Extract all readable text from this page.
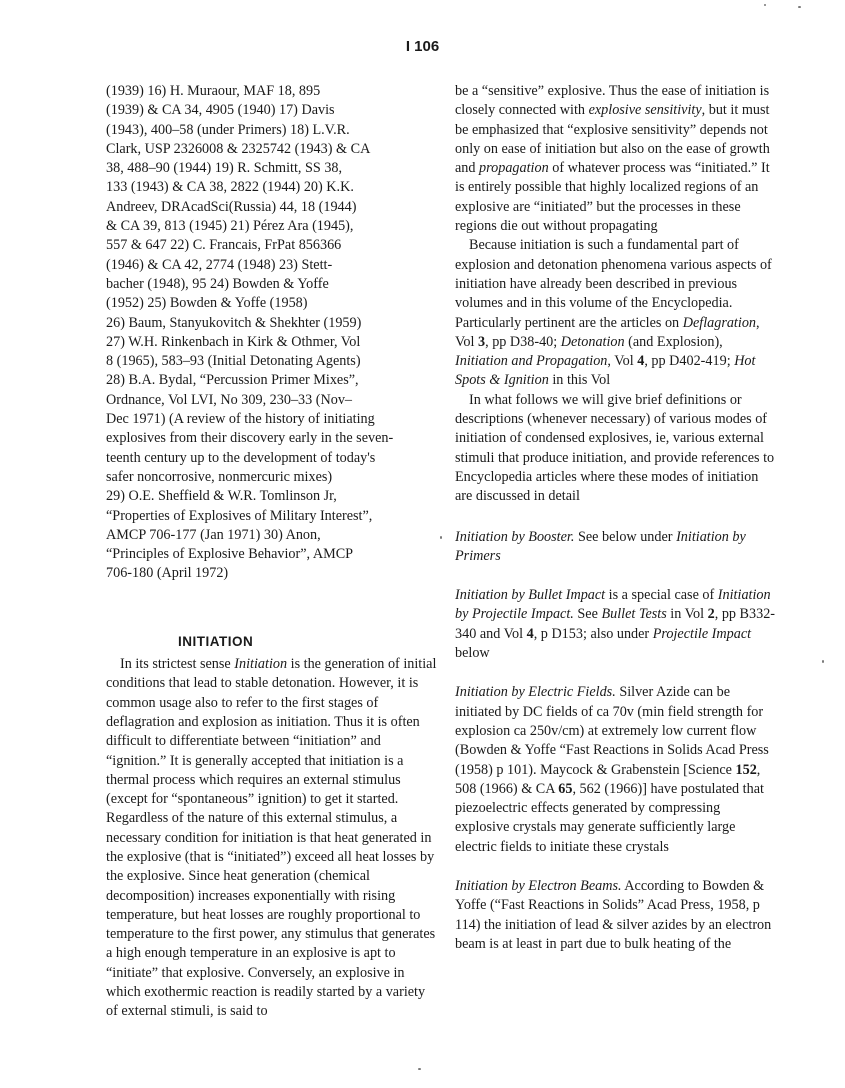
I 106

(1939) 16) H. Muraour, MAF 18, 895

(1939) & CA 34, 4905 (1940) 17) Davis

(1943), 400–58 (under Primers) 18) L.V.R.

Clark, USP 2326008 & 2325742 (1943) & CA

38, 488–90 (1944) 19) R. Schmitt, SS 38,

133 (1943) & CA 38, 2822 (1944) 20) K.K.

Andreev, DRAcadSci(Russia) 44, 18 (1944)

& CA 39, 813 (1945) 21) Pérez Ara (1945),

557 & 647 22) C. Francais, FrPat 856366

(1946) & CA 42, 2774 (1948) 23) Stett-

bacher (1948), 95 24) Bowden & Yoffe

(1952) 25) Bowden & Yoffe (1958)

26) Baum, Stanyukovitch & Shekhter (1959)

27) W.H. Rinkenbach in Kirk & Othmer, Vol

8 (1965), 583–93 (Initial Detonating Agents)

28) B.A. Bydal, “Percussion Primer Mixes”,

Ordnance, Vol LVI, No 309, 230–33 (Nov–

Dec 1971) (A review of the history of initiating

explosives from their discovery early in the seven-

teenth century up to the development of today's

safer noncorrosive, nonmercuric mixes)

29) O.E. Sheffield & W.R. Tomlinson Jr,

“Properties of Explosives of Military Interest”,

AMCP 706-177 (Jan 1971) 30) Anon,

“Principles of Explosive Behavior”, AMCP

706-180 (April 1972)

INITIATION

In its strictest sense Initiation is the generation of initial conditions that lead to stable detonation. However, it is common usage also to refer to the first stages of deflagration and explosion as initiation. Thus it is often difficult to differentiate between “initiation” and “ignition.” It is generally accepted that initiation is a thermal process which requires an external stimulus (except for “spontaneous” ignition) to get it started. Regardless of the nature of this external stimulus, a necessary condition for initiation is that heat generated in the explosive (that is “initiated”) exceed all heat losses by the explosive. Since heat generation (chemical decomposition) increases exponentially with rising temperature, but heat losses are roughly proportional to temperature to the first power, any stimulus that generates a high enough temperature in an explosive is apt to “initiate” that explosive. Conversely, an explosive in which exothermic reaction is readily started by a variety of external stimuli, is said to

be a “sensitive” explosive. Thus the ease of initiation is closely connected with explosive sensitivity, but it must be emphasized that “explosive sensitivity” depends not only on ease of initiation but also on the ease of growth and propagation of whatever process was “initiated.” It is entirely possible that highly localized regions of an explosive are “initiated” but the processes in these regions die out without propagating

Because initiation is such a fundamental part of explosion and detonation phenomena various aspects of initiation have already been described in previous volumes and in this volume of the Encyclopedia. Particularly pertinent are the articles on Deflagration, Vol 3, pp D38-40; Detonation (and Explosion), Initiation and Propagation, Vol 4, pp D402-419; Hot Spots & Ignition in this Vol

In what follows we will give brief definitions or descriptions (whenever necessary) of various modes of initiation of condensed explosives, ie, various external stimuli that produce initiation, and provide references to Encyclopedia articles where these modes of initiation are discussed in detail

Initiation by Booster. See below under Initiation by Primers

Initiation by Bullet Impact is a special case of Initiation by Projectile Impact. See Bullet Tests in Vol 2, pp B332-340 and Vol 4, p D153; also under Projectile Impact below

Initiation by Electric Fields. Silver Azide can be initiated by DC fields of ca 70v (min field strength for explosion ca 250v/cm) at extremely low current flow (Bowden & Yoffe “Fast Reactions in Solids Acad Press (1958) p 101). Maycock & Grabenstein [Science 152, 508 (1966) & CA 65, 562 (1966)] have postulated that piezoelectric effects generated by compressing explosive crystals may generate sufficiently large electric fields to initiate these crystals

Initiation by Electron Beams. According to Bowden & Yoffe (“Fast Reactions in Solids” Acad Press, 1958, p 114) the initiation of lead & silver azides by an electron beam is at least in part due to bulk heating of the
